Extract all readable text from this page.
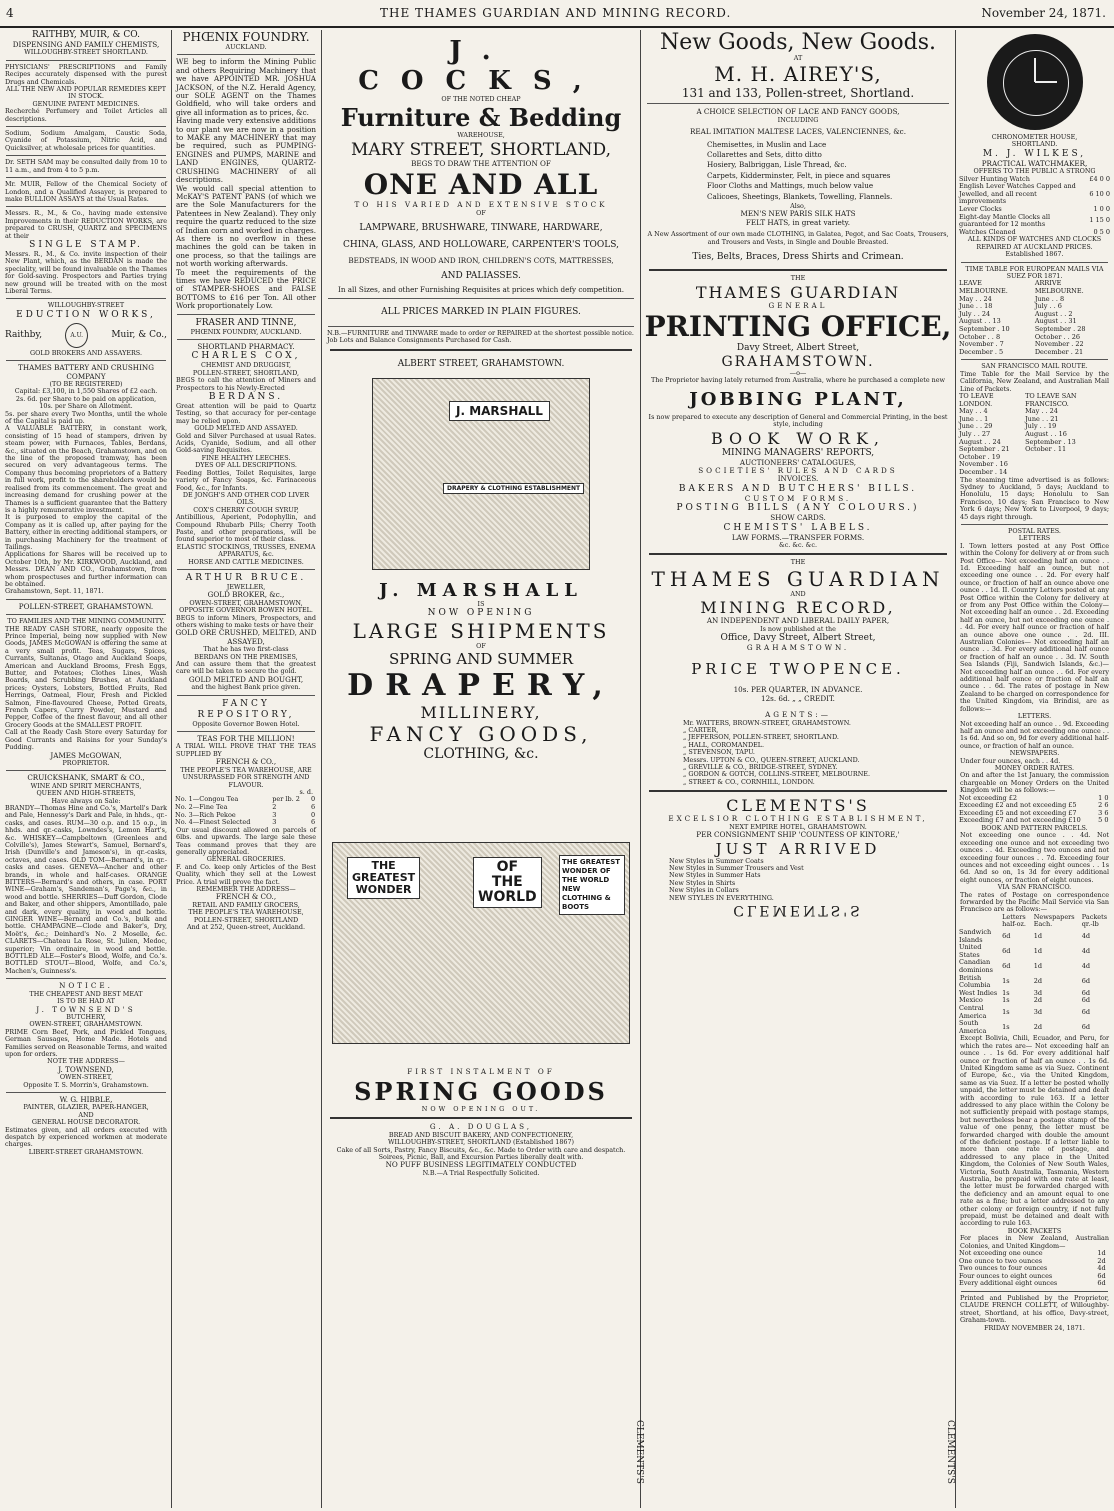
4	THE THAMES GUARDIAN AND MINING RECORD.	November 24, 1871.
RAITHBY, MUIR, & CO.
DISPENSING AND FAMILY CHEMISTS,
WILLOUGHBY-STREET SHORTLAND.
PHYSICIANS' PRESCRIPTIONS and Family Recipes accurately dispensed with the purest Drugs and Chemicals.
ALL THE NEW AND POPULAR REMEDIES KEPT IN STOCK.
GENUINE PATENT MEDICINES.
Recherché Perfumery and Toilet Articles all descriptions.
Sodium, Sodium Amalgam, Caustic Soda, Cyanide of Potassium, Nitric Acid, and Quicksilver, at wholesale prices for quantities.
Dr. SETH SAM may be consulted daily from 10 to 11 a.m., and from 4 to 5 p.m.
Mr. MUIR, Fellow of the Chemical Society of London, and a Qualified Assayer, is prepared to make BULLION ASSAYS at the Usual Rates.
Messrs. R., M., & Co., having made extensive Improvements in their REDUCTION WORKS, are prepared to CRUSH, QUARTZ and SPECIMENS at their
SINGLE STAMP.
Messrs. R., M., & Co. invite inspection of their New Plant, which, as the BERDAN is made the speciality, will be found invaluable on the Thames for Gold-saving. Prospectors and Parties trying new ground will be treated with on the most Liberal Terms.
WILLOUGHBY-STREET
EDUCTION WORKS,
Raithby,	A.U.	Muir, & Co.,
GOLD BROKERS AND ASSAYERS.
THAMES BATTERY AND CRUSHING COMPANY
(TO BE REGISTERED)
Capital: £3,100, in 1,550 Shares of £2 each.
2s. 6d. per Share to be paid on application,
10s. per Share on Allotment.
5s. per share every Two Months, until the whole of the Capital is paid up.
A VALUABLE BATTERY, in constant work, consisting of 15 head of stampers, driven by steam power, with Furnaces, Tables, Berdans, &c., situated on the Beach, Grahamstown, and on the line of the proposed tramway, has been secured on very advantageous terms. The Company thus becoming proprietors of a Battery in full work, profit to the shareholders would be realised from its commencement. The great and increasing demand for crushing power at the Thames is a sufficient guarantee that the Battery is a highly remunerative investment.
It is purposed to employ the capital of the Company as it is called up, after paying for the Battery, either in erecting additional stampers, or in purchasing Machinery for the treatment of Tailings.
Applications for Shares will be received up to October 10th, by Mr. KIRKWOOD, Auckland, and Messrs. DEAN AND CO., Grahamstown, from whom prospectuses and further information can be obtained.
Grahamstown, Sept. 11, 1871.
POLLEN-STREET, GRAHAMSTOWN.
TO FAMILIES AND THE MINING COMMUNITY.
THE READY CASH STORE, nearly opposite the Prince Imperial, being now supplied with New Goods, JAMES McGOWAN is offering the same at a very small profit. Teas, Sugars, Spices, Currants, Sultanas, Otago and Auckland Soaps, American and Auckland Brooms, Fresh Eggs, Butter, and Potatoes; Clothes Lines, Wash Boards, and Scrubbing Brushes, at Auckland prices; Oysters, Lobsters, Bottled Fruits, Red Herrings, Oatmeal, Flour, Fresh and Pickled Salmon, Fine-flavoured Cheese, Potted Greats, French Capers, Curry Powder, Mustard and Pepper, Coffee of the finest flavour, and all other Grocery Goods at the SMALLEST PROFIT.
Call at the Ready Cash Store every Saturday for Good Currants and Raisins for your Sunday's Pudding.
JAMES McGOWAN,
PROPRIETOR.
CRUICKSHANK, SMART & CO.,
WINE AND SPIRIT MERCHANTS,
QUEEN AND HIGH-STREETS,
Have always on Sale:
BRANDY—Thomas Hine and Co.'s, Martell's Dark and Pale, Hennessy's Dark and Pale, in hhds., qr.-casks, and cases. RUM—30 o.p. and 15 o.p., in hhds. and qr.-casks, Lowndes's, Lemon Hart's, &c. WHISKEY—Campbeltown (Greenlees and Colville's), James Stewart's, Samuel, Bernard's, Irish (Dunville's and Jameson's), in qr.-casks, octaves, and cases. OLD TOM—Bernard's, in qr.-casks and cases. GENEVA—Ancher and other brands, in whole and half-cases. ORANGE BITTERS—Bernard's and others, in case. PORT WINE—Graham's, Sandeman's, Page's, &c., in wood and bottle. SHERRIES—Duff Gordon, Clode and Baker, and other shippers, Amontillado, pale and dark, every quality, in wood and bottle. GINGER WINE—Bernard and Co.'s, bulk and bottle. CHAMPAGNE—Clode and Baker's, Dry, Moët's, &c.; Deinhard's No. 2 Moselle, &c. CLARETS—Chateau La Rose, St. Julien, Medoc, superior; Vin ordinaire, in wood and bottle. BOTTLED ALE—Foster's Blood, Wolfe, and Co.'s. BOTTLED STOUT—Blood, Wolfe, and Co.'s, Machen's, Guinness's.
NOTICE.
THE CHEAPEST AND BEST MEAT
IS TO BE HAD AT
J. TOWNSEND'S
BUTCHERY,
OWEN-STREET, GRAHAMSTOWN.
PRIME Corn Beef, Pork, and Pickled Tongues, German Sausages, Home Made. Hotels and Families served on Reasonable Terms, and waited upon for orders.
NOTE THE ADDRESS—
J. TOWNSEND,
OWEN-STREET,
Opposite T. S. Morrin's, Grahamstown.
W. G. HIBBLE,
PAINTER, GLAZIER, PAPER-HANGER,
AND
GENERAL HOUSE DECORATOR.
Estimates given, and all orders executed with despatch by experienced workmen at moderate charges.
LIBERT-STREET GRAHAMSTOWN.
PHŒNIX FOUNDRY.
AUCKLAND.
WE beg to inform the Mining Public and others Requiring Machinery that we have APPOINTED MR. JOSHUA JACKSON, of the N.Z. Herald Agency, our SOLE AGENT on the Thames Goldfield, who will take orders and give all information as to prices, &c.
Having made very extensive additions to our plant we are now in a position to MAKE any MACHINERY that may be required, such as PUMPING-ENGINES and PUMPS, MARINE and LAND ENGINES, QUARTZ-CRUSHING MACHINERY of all descriptions.
We would call special attention to McKAY'S PATENT PANS (of which we are the Sole Manufacturers for the Patentees in New Zealand). They only require the quartz reduced to the size of Indian corn and worked in charges. As there is no overflow in these machines the gold can be taken in one process, so that the tailings are not worth working afterwards.
To meet the requirements of the times we have REDUCED the PRICE of STAMPER-SHOES and FALSE BOTTOMS to £16 per Ton. All other Work proportionately Low.
FRASER AND TINNE,
PHŒNIX FOUNDRY, AUCKLAND.
SHORTLAND PHARMACY.
CHARLES COX,
CHEMIST AND DRUGGIST,
POLLEN-STREET, SHORTLAND,
BEGS to call the attention of Miners and Prospectors to his Newly-Erected
BERDANS.
Great attention will be paid to Quartz Testing, so that accuracy for per-centage may be relied upon.
GOLD MELTED AND ASSAYED.
Gold and Silver Purchased at usual Rates. Acids, Cyanide, Sodium, and all other Gold-saving Requisites.
FINE HEALTHY LEECHES.
DYES OF ALL DESCRIPTIONS.
Feeding Bottles, Toilet Requisites, large variety of Fancy Soaps, &c. Farinaceous Food, &c., for Infants.
DE JONGH'S AND OTHER COD LIVER OILS.
COX'S CHERRY COUGH SYRUP,
Antibillious, Aperient, Podophyllin, and Compound Rhubarb Pills; Cherry Tooth Paste, and other preparations, will be found superior to most of their class.
ELASTIC STOCKINGS, TRUSSES, ENEMA APPARATUS, &c.
HORSE AND CATTLE MEDICINES.
ARTHUR BRUCE.
JEWELLER,
GOLD BROKER, &c.,
OWEN-STREET, GRAHAMSTOWN, OPPOSITE GOVERNOR BOWEN HOTEL.
BEGS to inform Miners, Prospectors, and others wishing to make tests or have their
GOLD ORE CRUSHED, MELTED, AND ASSAYED,
That he has two first-class
BERDANS ON THE PREMISES,
And can assure them that the greatest care will be taken to secure the gold.
GOLD MELTED AND BOUGHT,
and the highest Bank price given.
FANCY REPOSITORY,
Opposite Governor Bowen Hotel.
TEAS FOR THE MILLION!
A TRIAL WILL PROVE THAT THE TEAS SUPPLIED BY
FRENCH & CO.,
THE PEOPLE'S TEA WAREHOUSE, ARE UNSURPASSED FOR STRENGTH AND FLAVOUR.
s. d.
No. 1—Congou Tea	per lb. 2	0
No. 2—Fine Tea	2	6
No. 3—Rich Pekoe	3	0
No. 4—Finest Selected	3	6
Our usual discount allowed on parcels of 6lbs. and upwards. The large sale these Teas command proves that they are generally appreciated.
GENERAL GROCERIES.
F. and Co. keep only Articles of the Best Quality, which they sell at the Lowest Price. A trial will prove the fact.
REMEMBER THE ADDRESS—
FRENCH & CO.,
RETAIL AND FAMILY GROCERS,
THE PEOPLE'S TEA WAREHOUSE,
POLLEN-STREET, SHORTLAND
And at 252, Queen-street, Auckland.
J. COCKS,
OF THE NOTED CHEAP
Furniture & Bedding
WAREHOUSE,
MARY STREET, SHORTLAND,
BEGS TO DRAW THE ATTENTION OF
ONE AND ALL
TO HIS VARIED AND EXTENSIVE STOCK
OF
LAMPWARE, BRUSHWARE, TINWARE, HARDWARE,
CHINA, GLASS, AND HOLLOWARE, CARPENTER'S TOOLS,
BEDSTEADS, IN WOOD AND IRON, CHILDREN'S COTS, MATTRESSES,
AND PALIASSES.
In all Sizes, and other Furnishing Requisites at prices which defy competition.
ALL PRICES MARKED IN PLAIN FIGURES.
N.B.—FURNITURE and TINWARE made to order or REPAIRED at the shortest possible notice.
Job Lots and Balance Consignments Purchased for Cash.
ALBERT STREET, GRAHAMSTOWN.
J. MARSHALL
DRAPERY & CLOTHING ESTABLISHMENT
J. MARSHALL
IS
NOW OPENING
LARGE SHIPMENTS
OF
SPRING AND SUMMER
DRAPERY,
MILLINERY,
FANCY GOODS,
CLOTHING, &c.
THE
GREATEST
WONDER
OF
THE
WORLD
THE GREATEST WONDER OF THE WORLD NEW CLOTHING & BOOTS
FIRST INSTALMENT OF
SPRING GOODS
NOW OPENING OUT.
G. A. DOUGLAS,
BREAD AND BISCUIT BAKERY, AND CONFECTIONERY,
WILLOUGHBY-STREET, SHORTLAND (Established 1867)
Cake of all Sorts, Pastry, Fancy Biscuits, &c., &c. Made to Order with care and despatch. Soirees, Picnic, Ball, and Excursion Parties liberally dealt with.
NO PUFF BUSINESS LEGITIMATELY CONDUCTED
N.B.—A Trial Respectfully Solicited.
New Goods, New Goods.
AT
M. H. AIREY'S,
131 and 133, Pollen-street, Shortland.
A CHOICE SELECTION OF LACE AND FANCY GOODS,
INCLUDING
REAL IMITATION MALTESE LACES, VALENCIENNES, &c.
Chemisettes, in Muslin and Lace
Collarettes and Sets, ditto ditto
Hosiery, Balbriggan, Lisle Thread, &c.
Carpets, Kidderminster, Felt, in piece and squares
Floor Cloths and Mattings, much below value
Calicoes, Sheetings, Blankets, Towelling, Flannels.
Also,
MEN'S NEW PARIS SILK HATS
FELT HATS, in great variety.
A New Assortment of our own made CLOTHING, in Galatea, Pegot, and Sac Coats, Trousers, and Trousers and Vests, in Single and Double Breasted.
Ties, Belts, Braces, Dress Shirts and Crimean.
THE
THAMES GUARDIAN
GENERAL
PRINTING OFFICE,
Davy Street, Albert Street,
GRAHAMSTOWN.
—o—
The Proprietor having lately returned from Australia, where he purchased a complete new
JOBBING PLANT,
Is now prepared to execute any description of General and Commercial Printing, in the best style, including
BOOK WORK,
MINING MANAGERS' REPORTS,
AUCTIONEERS' CATALOGUES,
SOCIETIES' RULES AND CARDS
INVOICES.
BAKERS AND BUTCHERS' BILLS.
CUSTOM FORMS.
POSTING BILLS (ANY COLOURS.)
SHOW CARDS.
CHEMISTS' LABELS.
LAW FORMS.—TRANSFER FORMS.
&c. &c. &c.
THE
THAMES GUARDIAN
AND
MINING RECORD,
AN INDEPENDENT AND LIBERAL DAILY PAPER,
Is now published at the
Office, Davy Street, Albert Street,
GRAHAMSTOWN.
PRICE TWOPENCE.
10s. PER QUARTER, IN ADVANCE.
12s. 6d. „ „ CREDIT.
AGENTS:—
Mr. WATTERS, BROWN-STREET, GRAHAMSTOWN.
„ CARTER,
„ JEFFERSON, POLLEN-STREET, SHORTLAND.
„ HALL, COROMANDEL.
„ STEVENSON, TAPU.
Messrs. UPTON & CO., QUEEN-STREET, AUCKLAND.
„ GREVILLE & CO., BRIDGE-STREET, SYDNEY.
„ GORDON & GOTCH, COLLINS-STREET, MELBOURNE.
„ STREET & CO., CORNHILL, LONDON.
CLEMENTS'S
EXCELSIOR CLOTHING ESTABLISHMENT,
NEXT EMPIRE HOTEL, GRAHAMSTOWN.
PER CONSIGNMENT SHIP 'COUNTESS OF KINTORE,'
JUST ARRIVED
New Styles in Summer Coats
New Styles in Summer Trousers and Vest
New Styles in Summer Hats
New Styles in Shirts
New Styles in Collars
NEW STYLES IN EVERYTHING.
CLEMENTS'S
CLEMENTS'S	CLEMENTS'S
CHRONOMETER HOUSE,
SHORTLAND.
M. J. WILKES,
PRACTICAL WATCHMAKER,
OFFERS TO THE PUBLIC A STRONG
Silver Hunting Watch	£4 0 0
English Lever Watches Capped and Jewelled, and all recent improvements	6 10 0
Lever Clocks	1 0 0
Eight-day Mantle Clocks all guaranteed for 12 months	1 15 0
Watches Cleaned	0 5 0
ALL KINDS OF WATCHES AND CLOCKS REPAIRED AT AUCKLAND PRICES.
Established 1867.
TIME TABLE FOR EUROPEAN MAILS VIA SUEZ FOR 1871.
LEAVE MELBOURNE.	ARRIVE MELBOURNE.
May . . 24	June . . 8
June . . 18	July . . 6
July . . 24	August . . 2
August . . 13	August . . 31
September . 10	September . 28
October . . 8	October . . 26
November . 7	November . 22
December . 5	December . 21
SAN FRANCISCO MAIL ROUTE.
Time Table for the Mail Service by the California, New Zealand, and Australian Mail Line of Packets.
TO LEAVE LONDON.	TO LEAVE SAN FRANCISCO.
May . . 4	May . . 24
June . . 1	June . . 21
June . . 29	July . . 19
July . . 27	August . . 16
August . . 24	September . 13
September . 21	October . 11
October . 19	
November . 16	
December . 14	
The steaming time advertised is as follows: Sydney to Auckland, 5 days; Auckland to Honolulu, 15 days; Honolulu to San Francisco, 10 days; San Francisco to New York 6 days; New York to Liverpool, 9 days; 45 days right through.
POSTAL RATES.
LETTERS
I. Town letters posted at any Post Office within the Colony for delivery at or from such Post Office— Not exceeding half an ounce . . 1d. Exceeding half an ounce, but not exceeding one ounce . . 2d. For every half ounce, or fraction of half an ounce above one ounce . . 1d. II. Country Letters posted at any Post Office within the Colony for delivery at or from any Post Office within the Colony— Not exceeding half an ounce . . 2d. Exceeding half an ounce, but not exceeding one ounce . . 4d. For every half ounce or fraction of half an ounce above one ounce . . 2d. III. Australian Colonies— Not exceeding half an ounce . . 3d. For every additional half ounce or fraction of half an ounce . . 3d. IV. South Sea Islands (Fiji, Sandwich Islands, &c.)— Not exceeding half an ounce . . 6d. For every additional half ounce or fraction of half an ounce . . 6d. The rates of postage in New Zealand to be charged on correspondence for the United Kingdom, via Brindisi, are as follows:—
LETTERS.
Not exceeding half an ounce . . 9d. Exceeding half an ounce and not exceeding one ounce . . 1s 6d. And so on, 9d for every additional half-ounce, or fraction of half an ounce.
NEWSPAPERS.
Under four ounces, each . . 4d.
MONEY ORDER RATES.
On and after the 1st January, the commission chargeable on Money Orders on the United Kingdom will be as follows:—
Not exceeding £2	1 0
Exceeding £2 and not exceeding £5	2 6
Exceeding £5 and not exceeding £7	3 6
Exceeding £7 and not exceeding £10	5 0
BOOK AND PATTERN PARCELS.
Not exceeding one ounce . . 4d. Not exceeding one ounce and not exceeding two ounces . . 4d. Exceeding two ounces and not exceeding four ounces . . 7d. Exceeding four ounces and not exceeding eight ounces . . 1s 6d. And so on, 1s 3d for every additional eight ounces, or fraction of eight ounces.
VIA SAN FRANCISCO.
The rates of Postage on correspondence forwarded by the Pacific Mail Service via San Francisco are as follows:—
	Letters half-oz.	Newspapers Each.	Packets qr.-lb
Sandwich Islands	6d	1d	4d
United States	6d	1d	4d
Canadian dominions	6d	1d	4d
British Columbia	1s	2d	6d
West Indies	1s	3d	6d
Mexico	1s	2d	6d
Central America	1s	3d	6d
South America	1s	2d	6d
Except Bolivia, Chili, Ecuador, and Peru, for which the rates are— Not exceeding half an ounce . . 1s 6d. For every additional half ounce or fraction of half an ounce . . 1s 6d. United Kingdom same as via Suez. Continent of Europe, &c., via the United Kingdom, same as via Suez. If a letter be posted wholly unpaid, the letter must be detained and dealt with according to rule 163. If a letter addressed to any place within the Colony be not sufficiently prepaid with postage stamps, but nevertheless bear a postage stamp of the value of one penny, the letter must be forwarded charged with double the amount of the deficient postage. If a letter liable to more than one rate of postage, and addressed to any place in the United Kingdom, the Colonies of New South Wales, Victoria, South Australia, Tasmania, Western Australia, be prepaid with one rate at least, the letter must be forwarded charged with the deficiency and an amount equal to one rate as a fine; but a letter addressed to any other colony or foreign country, if not fully prepaid, must be detained and dealt with according to rule 163.
BOOK PACKETS
For places in New Zealand, Australian Colonies, and United Kingdom—
Not exceeding one ounce	1d
One ounce to two ounces	2d
Two ounces to four ounces	4d
Four ounces to eight ounces	6d
Every additional eight ounces	6d
Printed and Published by the Proprietor, CLAUDE FRENCH COLLETT, of Willoughby-street, Shortland, at his office, Davy-street, Graham-town.
FRIDAY NOVEMBER 24, 1871.
